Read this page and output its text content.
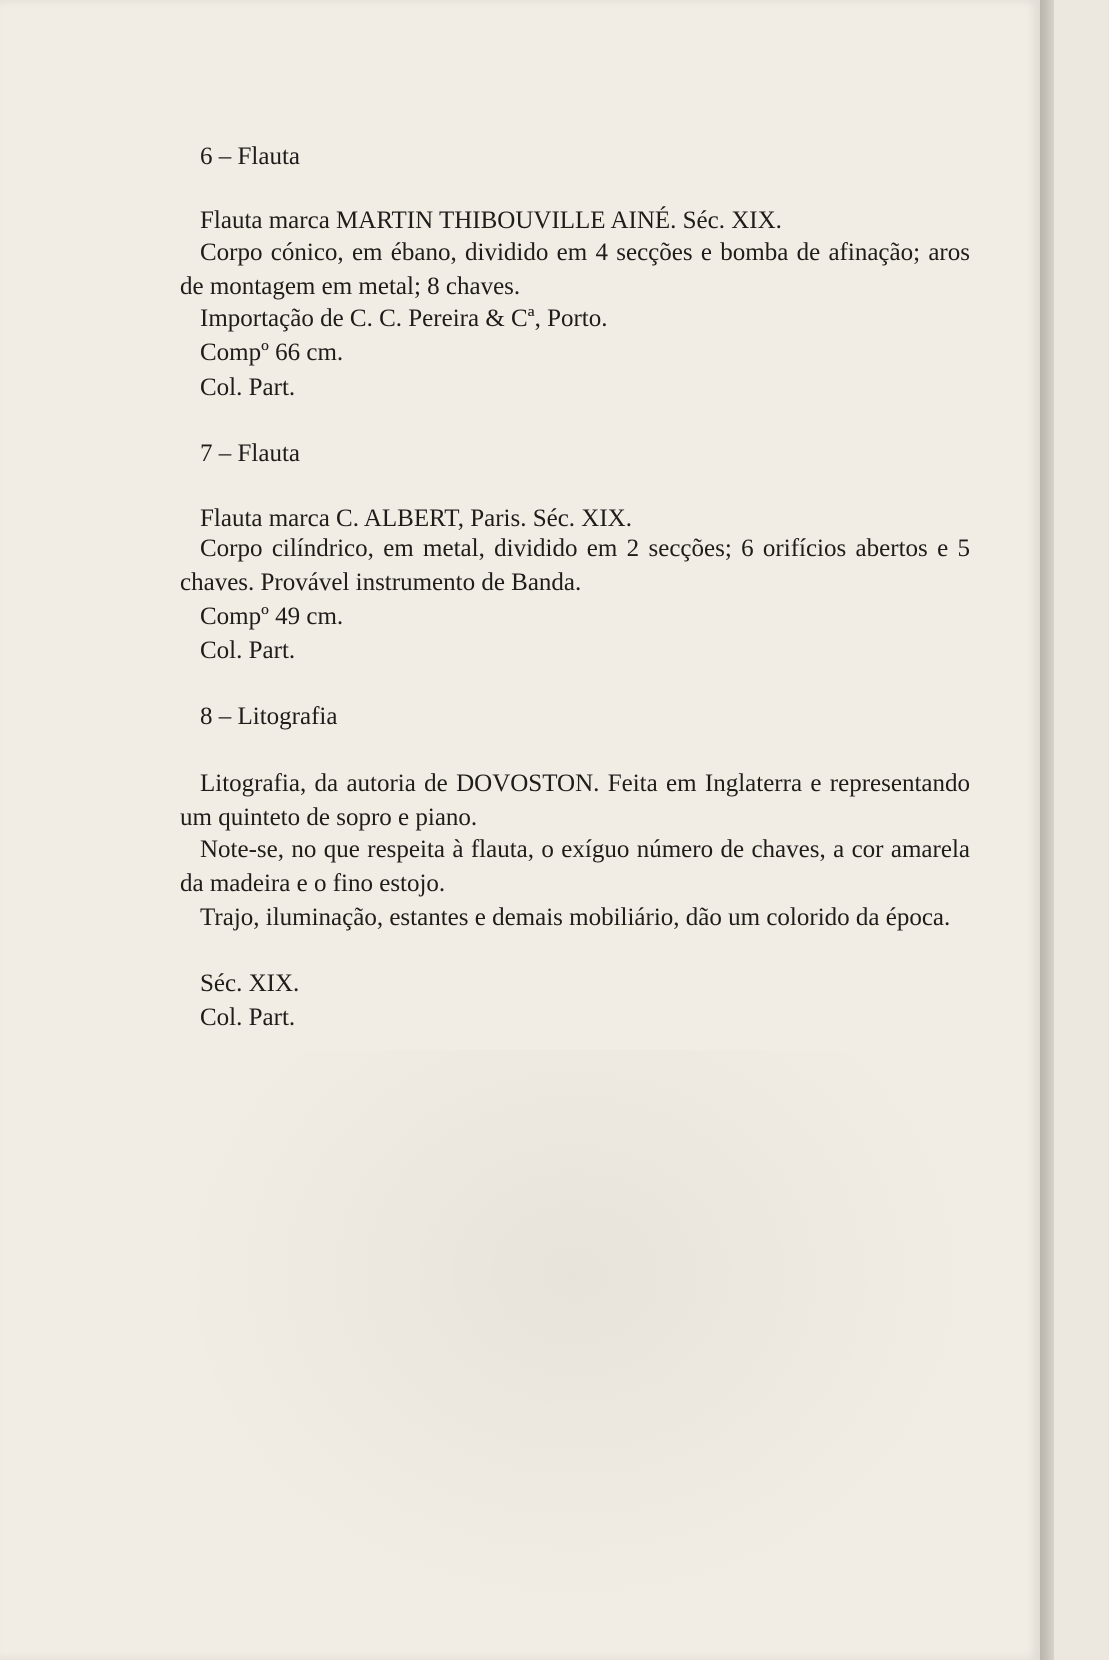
6 – Flauta

Flauta marca MARTIN THIBOUVILLE AINÉ. Séc. XIX.

Corpo cónico, em ébano, dividido em 4 secções e bomba de afinação; aros de montagem em metal; 8 chaves.

Importação de C. C. Pereira & Cª, Porto.

Compº 66 cm.

Col. Part.

7 – Flauta

Flauta marca C. ALBERT, Paris. Séc. XIX.

Corpo cilíndrico, em metal, dividido em 2 secções; 6 orifícios abertos e 5 chaves. Provável instrumento de Banda.

Compº 49 cm.

Col. Part.

8 – Litografia

Litografia, da autoria de DOVOSTON. Feita em Inglaterra e representando um quinteto de sopro e piano.

Note-se, no que respeita à flauta, o exíguo número de chaves, a cor amarela da madeira e o fino estojo.

Trajo, iluminação, estantes e demais mobiliário, dão um colorido da época.

Séc. XIX.

Col. Part.
